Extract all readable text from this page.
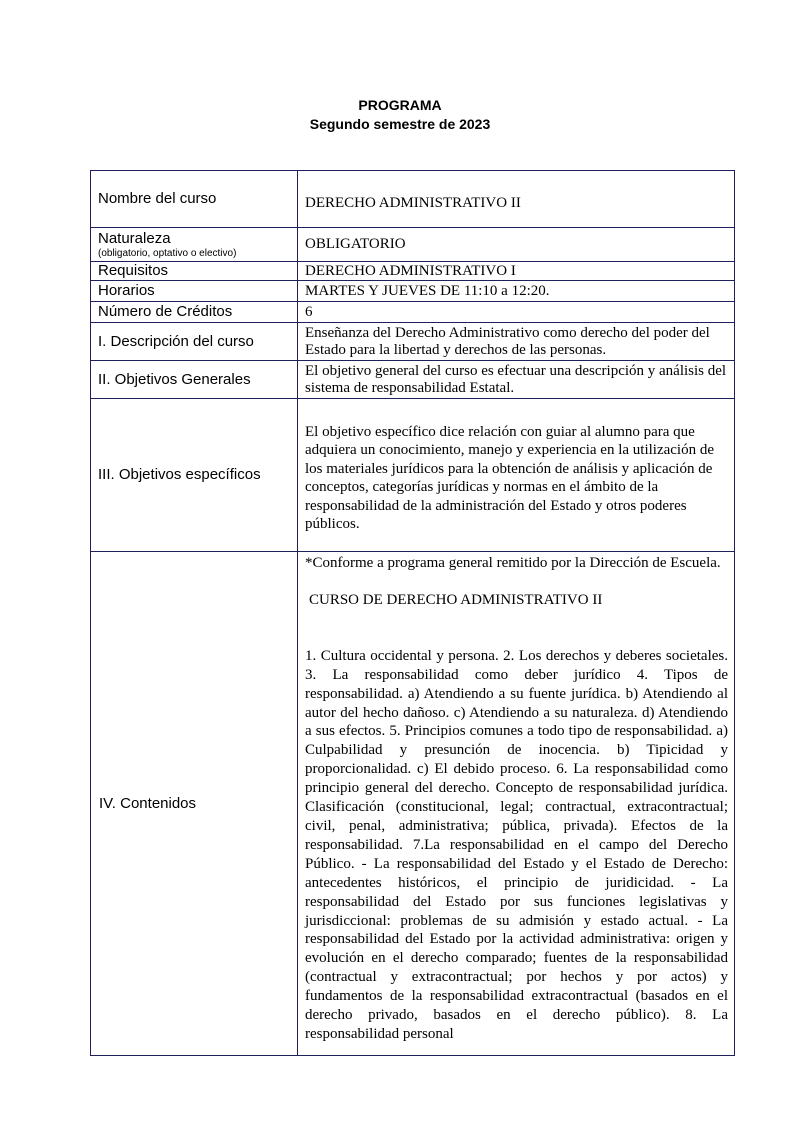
PROGRAMA
Segundo semestre de 2023
Nombre del curso	DERECHO ADMINISTRATIVO II

Naturaleza
(obligatorio, optativo o electivo)	OBLIGATORIO
Requisitos	DERECHO ADMINISTRATIVO I
Horarios	MARTES Y JUEVES DE 11:10 a 12:20.
Número de Créditos	6
I. Descripción del curso	Enseñanza del Derecho Administrativo como derecho del poder del Estado para la libertad y derechos de las personas.
II. Objetivos Generales	El objetivo general del curso es efectuar una descripción y análisis del sistema de responsabilidad Estatal.
III. Objetivos específicos	El objetivo específico dice relación con guiar al alumno para que adquiera un conocimiento, manejo y experiencia en la utilización de los materiales jurídicos para la obtención de análisis y aplicación de conceptos, categorías jurídicas y normas en el ámbito de la responsabilidad de la administración del Estado y otros poderes públicos.
IV. Contenidos	*Conforme a programa general remitido por la Dirección de Escuela.
CURSO DE DERECHO ADMINISTRATIVO II
1. Cultura occidental y persona. 2. Los derechos y deberes societales. 3. La responsabilidad como deber jurídico 4. Tipos de responsabilidad. a) Atendiendo a su fuente jurídica. b) Atendiendo al autor del hecho dañoso. c) Atendiendo a su naturaleza. d) Atendiendo a sus efectos. 5. Principios comunes a todo tipo de responsabilidad. a) Culpabilidad y presunción de inocencia. b) Tipicidad y proporcionalidad. c) El debido proceso. 6. La responsabilidad como principio general del derecho. Concepto de responsabilidad jurídica. Clasificación (constitucional, legal; contractual, extracontractual; civil, penal, administrativa; pública, privada). Efectos de la responsabilidad. 7.La responsabilidad en el campo del Derecho Público. - La responsabilidad del Estado y el Estado de Derecho: antecedentes históricos, el principio de juridicidad. - La responsabilidad del Estado por sus funciones legislativas y jurisdiccional: problemas de su admisión y estado actual. - La responsabilidad del Estado por la actividad administrativa: origen y evolución en el derecho comparado; fuentes de la responsabilidad (contractual y extracontractual; por hechos y por actos) y fundamentos de la responsabilidad extracontractual (basados en el derecho privado, basados en el derecho público). 8. La responsabilidad personal
